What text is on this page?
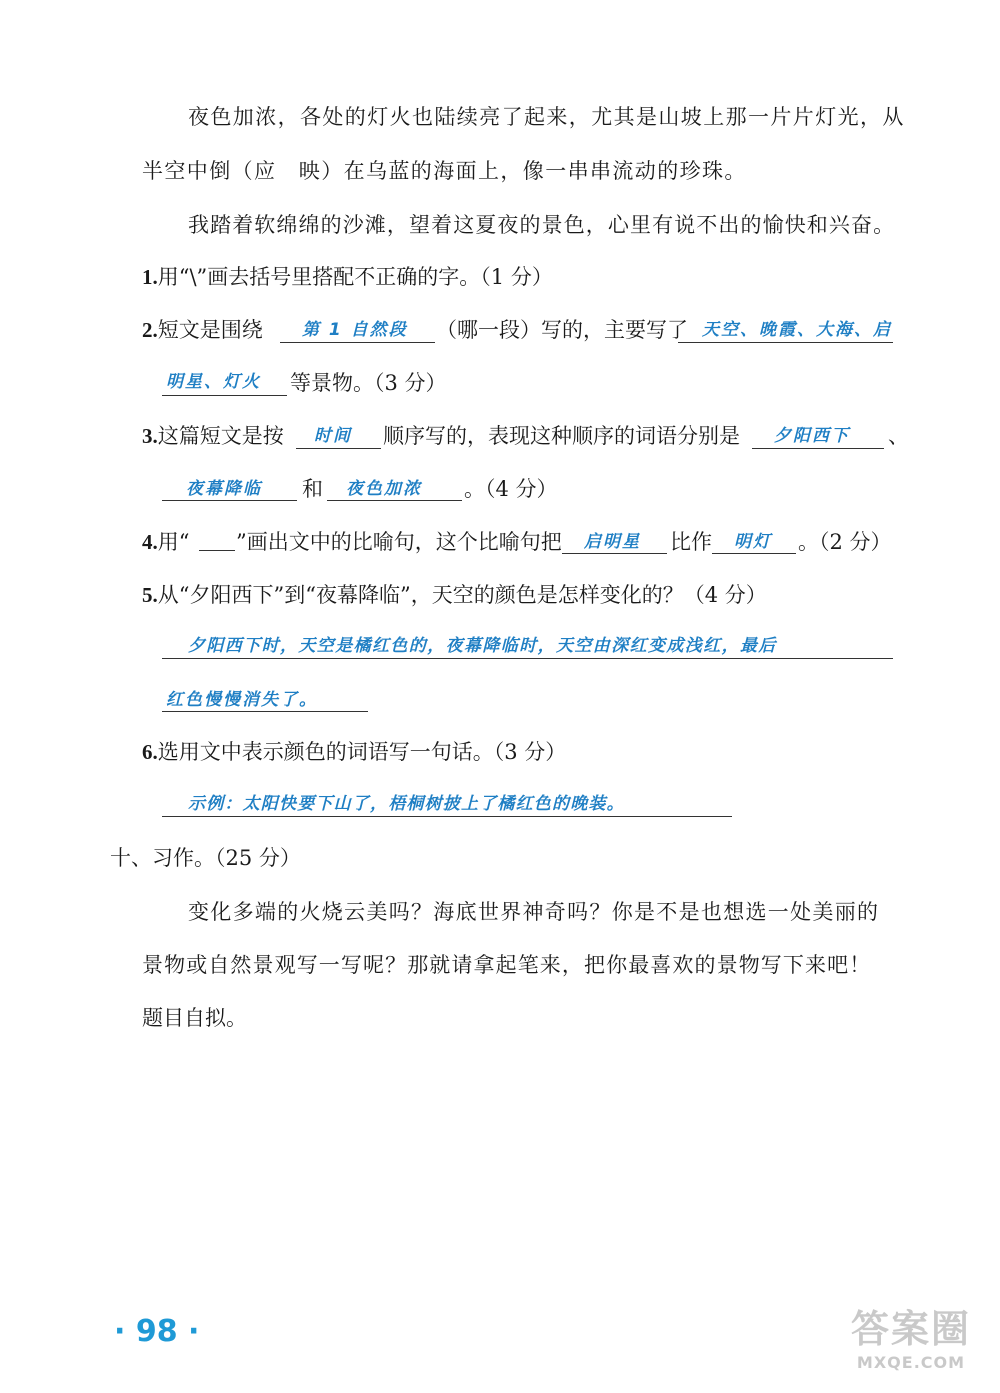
夜色加浓，各处的灯火也陆续亮了起来，尤其是山坡上那一片片灯光，从
半空中倒（应　映）在乌蓝的海面上，像一串串流动的珍珠。
我踏着软绵绵的沙滩，望着这夏夜的景色，心里有说不出的愉快和兴奋。
1.用“\”画去括号里搭配不正确的字。（1 分）
2.短文是围绕	（哪一段）写的，主要写了
第 1 自然段	天空、晚霞、大海、启
明星、灯火 等景物。（3 分）
3.这篇短文是按 时间 顺序写的，表现这种顺序的词语分别是 夕阳西下 、
夜幕降临 和 夜色加浓 。（4 分）
4.用“ ”画出文中的比喻句，这个比喻句把 启明星 比作 明灯 。（2 分）
5.从“夕阳西下”到“夜幕降临”，天空的颜色是怎样变化的？（4 分）
夕阳西下时，天空是橘红色的，夜幕降临时，天空由深红变成浅红，最后
红色慢慢消失了。
6.选用文中表示颜色的词语写一句话。（3 分）
示例：太阳快要下山了，梧桐树披上了橘红色的晚装。
十、习作。（25 分）
变化多端的火烧云美吗？海底世界神奇吗？你是不是也想选一处美丽的
景物或自然景观写一写呢？那就请拿起笔来，把你最喜欢的景物写下来吧！
题目自拟。
· 98 ·	答案圈
MXQE.COM
